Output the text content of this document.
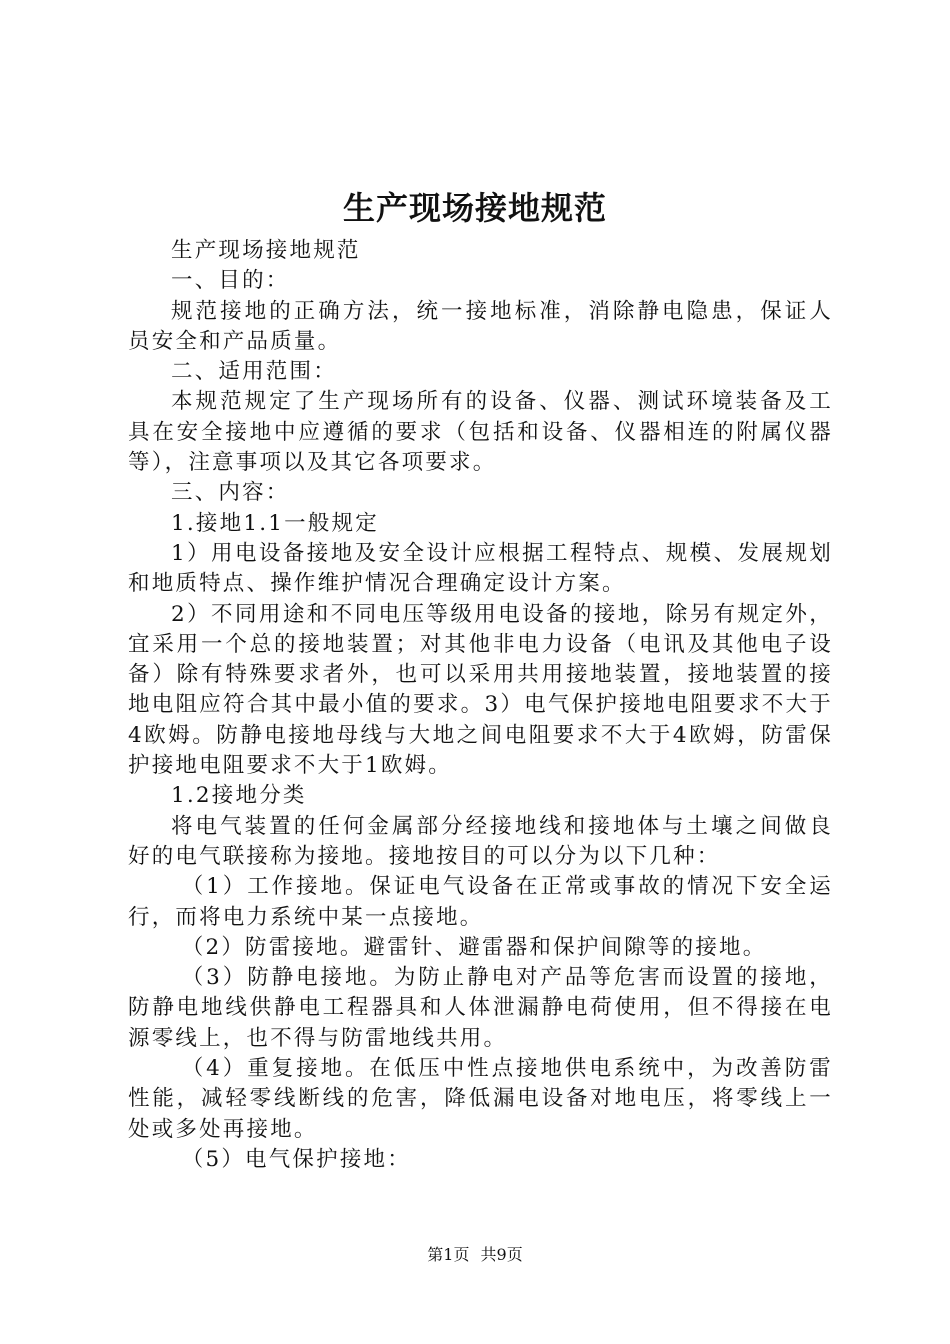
生产现场接地规范

生产现场接地规范

一、目的：

规范接地的正确方法，统一接地标准，消除静电隐患，保证人员安全和产品质量。

二、适用范围：

本规范规定了生产现场所有的设备、仪器、测试环境装备及工具在安全接地中应遵循的要求（包括和设备、仪器相连的附属仪器等），注意事项以及其它各项要求。

三、内容：

1.接地1.1一般规定

1）用电设备接地及安全设计应根据工程特点、规模、发展规划和地质特点、操作维护情况合理确定设计方案。

2）不同用途和不同电压等级用电设备的接地，除另有规定外，宜采用一个总的接地装置；对其他非电力设备（电讯及其他电子设备）除有特殊要求者外，也可以采用共用接地装置，接地装置的接地电阻应符合其中最小值的要求。3）电气保护接地电阻要求不大于4欧姆。防静电接地母线与大地之间电阻要求不大于4欧姆，防雷保护接地电阻要求不大于1欧姆。

1.2接地分类

将电气装置的任何金属部分经接地线和接地体与土壤之间做良好的电气联接称为接地。接地按目的可以分为以下几种：

（1）工作接地。保证电气设备在正常或事故的情况下安全运行，而将电力系统中某一点接地。

（2）防雷接地。避雷针、避雷器和保护间隙等的接地。

（3）防静电接地。为防止静电对产品等危害而设置的接地，防静电地线供静电工程器具和人体泄漏静电荷使用，但不得接在电源零线上，也不得与防雷地线共用。

（4）重复接地。在低压中性点接地供电系统中，为改善防雷性能，减轻零线断线的危害，降低漏电设备对地电压，将零线上一处或多处再接地。

（5）电气保护接地：

第1页 共9页
